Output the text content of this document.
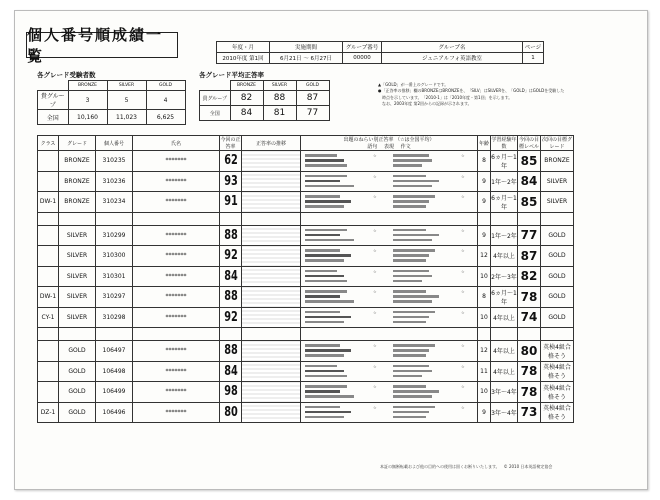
個人番号順成績一覧	年度・月	実施期間	グループ番号	グループ名	ページ
2010年度 第1回	6月21日 ～ 6月27日	00000	ジュニアルフォ英語教室	1
各グレード受験者数
	BRONZE	SILVER	GOLD
貴グループ	3	5	4
全国	10,160	11,023	6,625
各グレード平均正答率
	BRONZE	SILVER	GOLD
貴グループ	82	88	87
全国	84	81	77
▲「GOLD」が一番上のグレードです。
●「正答率の推移」欄のBRONZEはBRONZEを、「SILV」はSILVERを、「GOLD」はGOLDを受験した
　時点を示しています。「2010-1」は「2010年度・第1回」を示します。
　なお、2003年度 第2回からの記録が示されます。
クラス	グレード	個人番号	氏名	今回の正答率	正答率の推移	出題のねらい別正答率 （☆は全国平均）
語句　 表現　 作文	年齢	学習経験年数	今回の目標レベル	次回の目標グレード
	BRONZE	310235	*******	62		☆ ☆	8	6ヵ月～1年	85	BRONZE
	BRONZE	310236	*******	93		☆ ☆	9	1年～2年	84	SILVER
DW-1	BRONZE	310234	*******	91		☆ ☆	9	6ヵ月～1年	85	SILVER

	SILVER	310299	*******	88		☆ ☆	9	1年～2年	77	GOLD
	SILVER	310300	*******	92		☆ ☆	12	4年以上	87	GOLD
	SILVER	310301	*******	84		☆ ☆	10	2年～3年	82	GOLD
DW-1	SILVER	310297	*******	88		☆ ☆	8	6ヵ月～1年	78	GOLD
CY-1	SILVER	310298	*******	92		☆ ☆	10	4年以上	74	GOLD

	GOLD	106497	*******	88		☆ ☆	12	4年以上	80	英検4級合格そう
	GOLD	106498	*******	84		☆ ☆	11	4年以上	78	英検4級合格そう
	GOLD	106499	*******	98		☆ ☆	10	3年～4年	78	英検4級合格そう
DZ-1	GOLD	106496	*******	80		☆ ☆	9	3年～4年	73	英検4級合格そう
本証の無断転載および他の目的への使用は固くお断りいたします。　© 2010 日本英語検定協会
